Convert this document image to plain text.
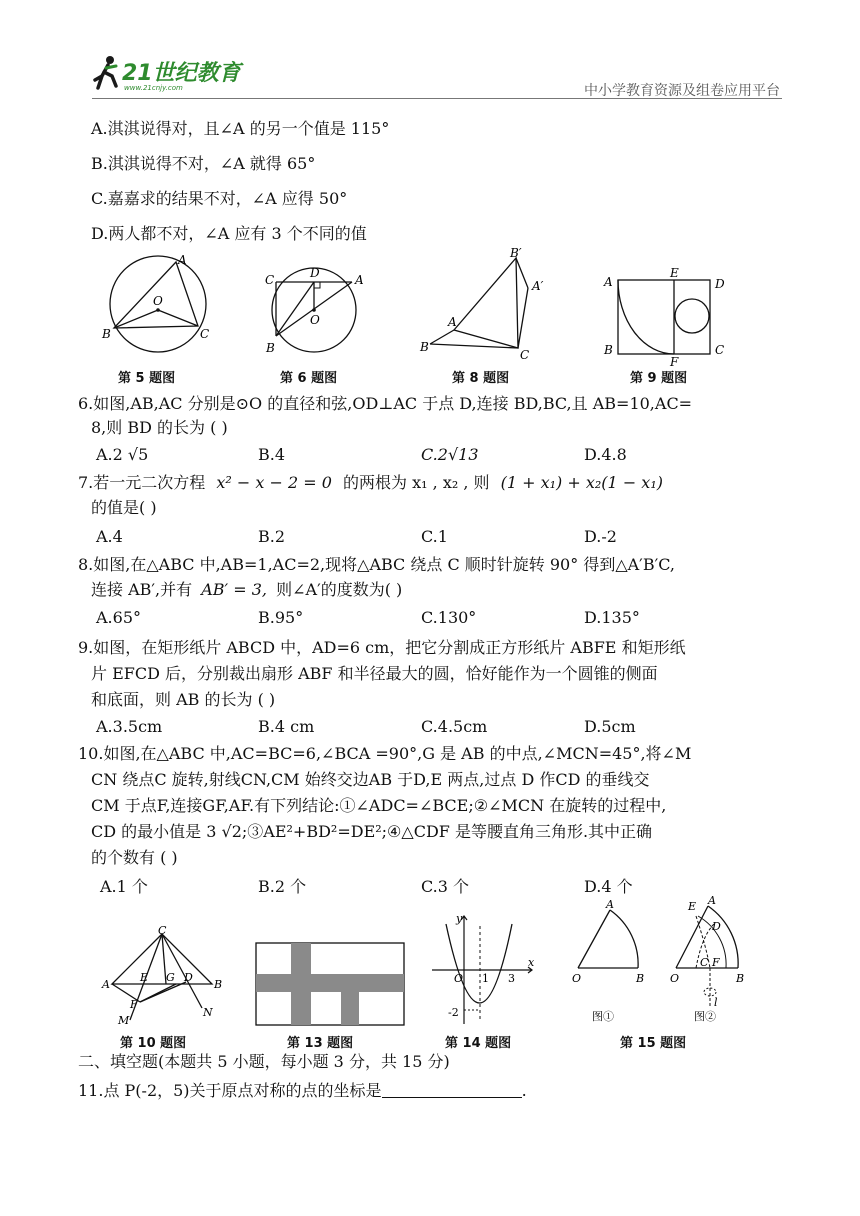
21世纪教育
www.21cnjy.com	中小学教育资源及组卷应用平台
A.淇淇说得对，且∠A 的另一个值是 115°
B.淇淇说得不对，∠A 就得 65°
C.嘉嘉求的结果不对，∠A 应得 50°
D.两人都不对，∠A 应有 3 个不同的值
A
O
B	C
第 5 题图
C	D	A
O
B
第 6 题图
B′
A′
A
B
C
第 8 题图
A
E
D
B
F
C
第 9 题图
6.如图,AB,AC 分别是⊙O 的直径和弦,OD⊥AC 于点 D,连接 BD,BC,且 AB=10,AC=
8,则 BD 的长为 ( )
A.2 √5	B.4	C.2√13	D.4.8
7.若一元二次方程 x² − x − 2 = 0 的两根为 x₁ , x₂ , 则 (1 + x₁) + x₂(1 − x₁)
的值是( )
A.4	B.2	C.1	D.-2
8.如图,在△ABC 中,AB=1,AC=2,现将△ABC 绕点 C 顺时针旋转 90° 得到△A′B′C,
连接 AB′,并有 AB′ = 3, 则∠A′的度数为( )
A.65°	B.95°	C.130°	D.135°
9.如图，在矩形纸片 ABCD 中，AD=6 cm，把它分割成正方形纸片 ABFE 和矩形纸
片 EFCD 后，分别裁出扇形 ABF 和半径最大的圆，恰好能作为一个圆锥的侧面
和底面，则 AB 的长为 ( )
A.3.5cm	B.4 cm	C.4.5cm	D.5cm
10.如图,在△ABC 中,AC=BC=6,∠BCA =90°,G 是 AB 的中点,∠MCN=45°,将∠M
CN 绕点C 旋转,射线CN,CM 始终交边AB 于D,E 两点,过点 D 作CD 的垂线交
CM 于点F,连接GF,AF.有下列结论:①∠ADC=∠BCE;②∠MCN 在旋转的过程中,
CD 的最小值是 3 √2;③AE²+BD²=DE²;④△CDF 是等腰直角三角形.其中正确
的个数有 ( )
A.1 个	B.2 个	C.3 个	D.4 个
C
A
E G D
B
F
M
N
第 10 题图	第 13 题图
y
x
O 1 3
-2
第 14 题图
A
O	B
图①
E A
D
O
C F
B
l
图②
第 15 题图
二、填空题(本题共 5 小题，每小题 3 分，共 15 分)
11.点 P(-2，5)关于原点对称的点的坐标是	.
